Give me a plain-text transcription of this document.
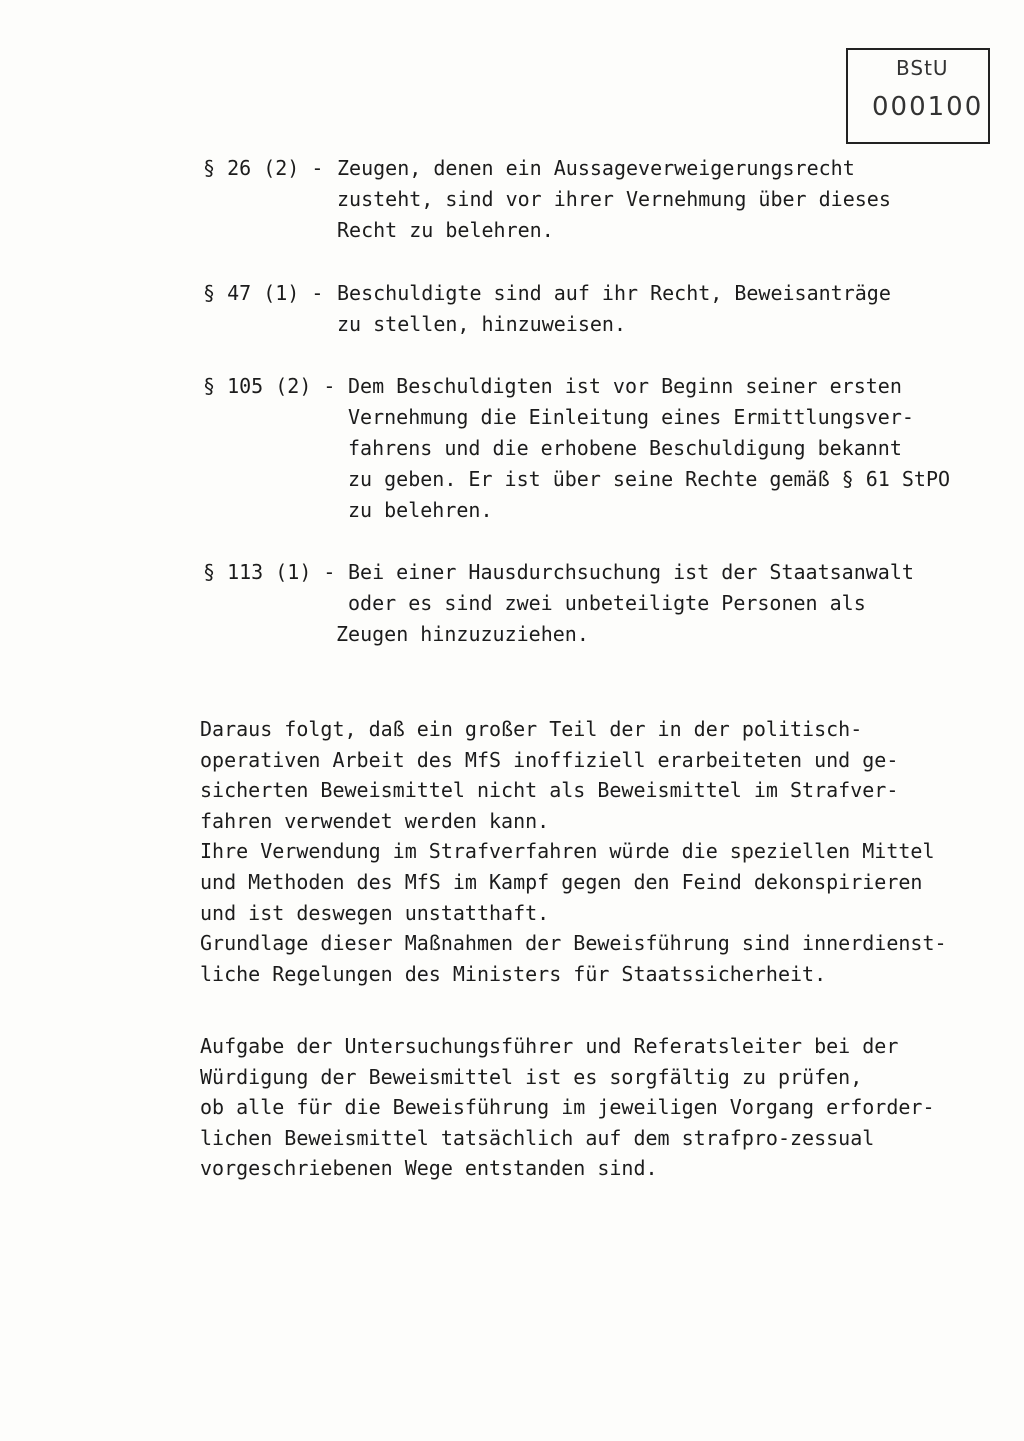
BStU
000100
§ 26 (2) - Zeugen, denen ein Aussageverweigerungsrecht
zusteht, sind vor ihrer Vernehmung über dieses
Recht zu belehren.
§ 47 (1) - Beschuldigte sind auf ihr Recht, Beweisanträge
zu stellen, hinzuweisen.
§ 105 (2) - Dem Beschuldigten ist vor Beginn seiner ersten
Vernehmung die Einleitung eines Ermittlungsver-
fahrens und die erhobene Beschuldigung bekannt
zu geben. Er ist über seine Rechte gemäß § 61 StPO
zu belehren.
§ 113 (1) - Bei einer Hausdurchsuchung ist der Staatsanwalt
oder es sind zwei unbeteiligte Personen als
Zeugen hinzuzuziehen.
Daraus folgt, daß ein großer Teil der in der politisch-
operativen Arbeit des MfS inoffiziell erarbeiteten und ge-
sicherten Beweismittel nicht als Beweismittel im Strafver-
fahren verwendet werden kann.
Ihre Verwendung im Strafverfahren würde die speziellen Mittel
und Methoden des MfS im Kampf gegen den Feind dekonspirieren
und ist deswegen unstatthaft.
Grundlage dieser Maßnahmen der Beweisführung sind innerdienst-
liche Regelungen des Ministers für Staatssicherheit.
Aufgabe der Untersuchungsführer und Referatsleiter bei der
Würdigung der Beweismittel ist es sorgfältig zu prüfen,
ob alle für die Beweisführung im jeweiligen Vorgang erforder-
lichen Beweismittel tatsächlich auf dem strafpro-zessual
vorgeschriebenen Wege entstanden sind.
